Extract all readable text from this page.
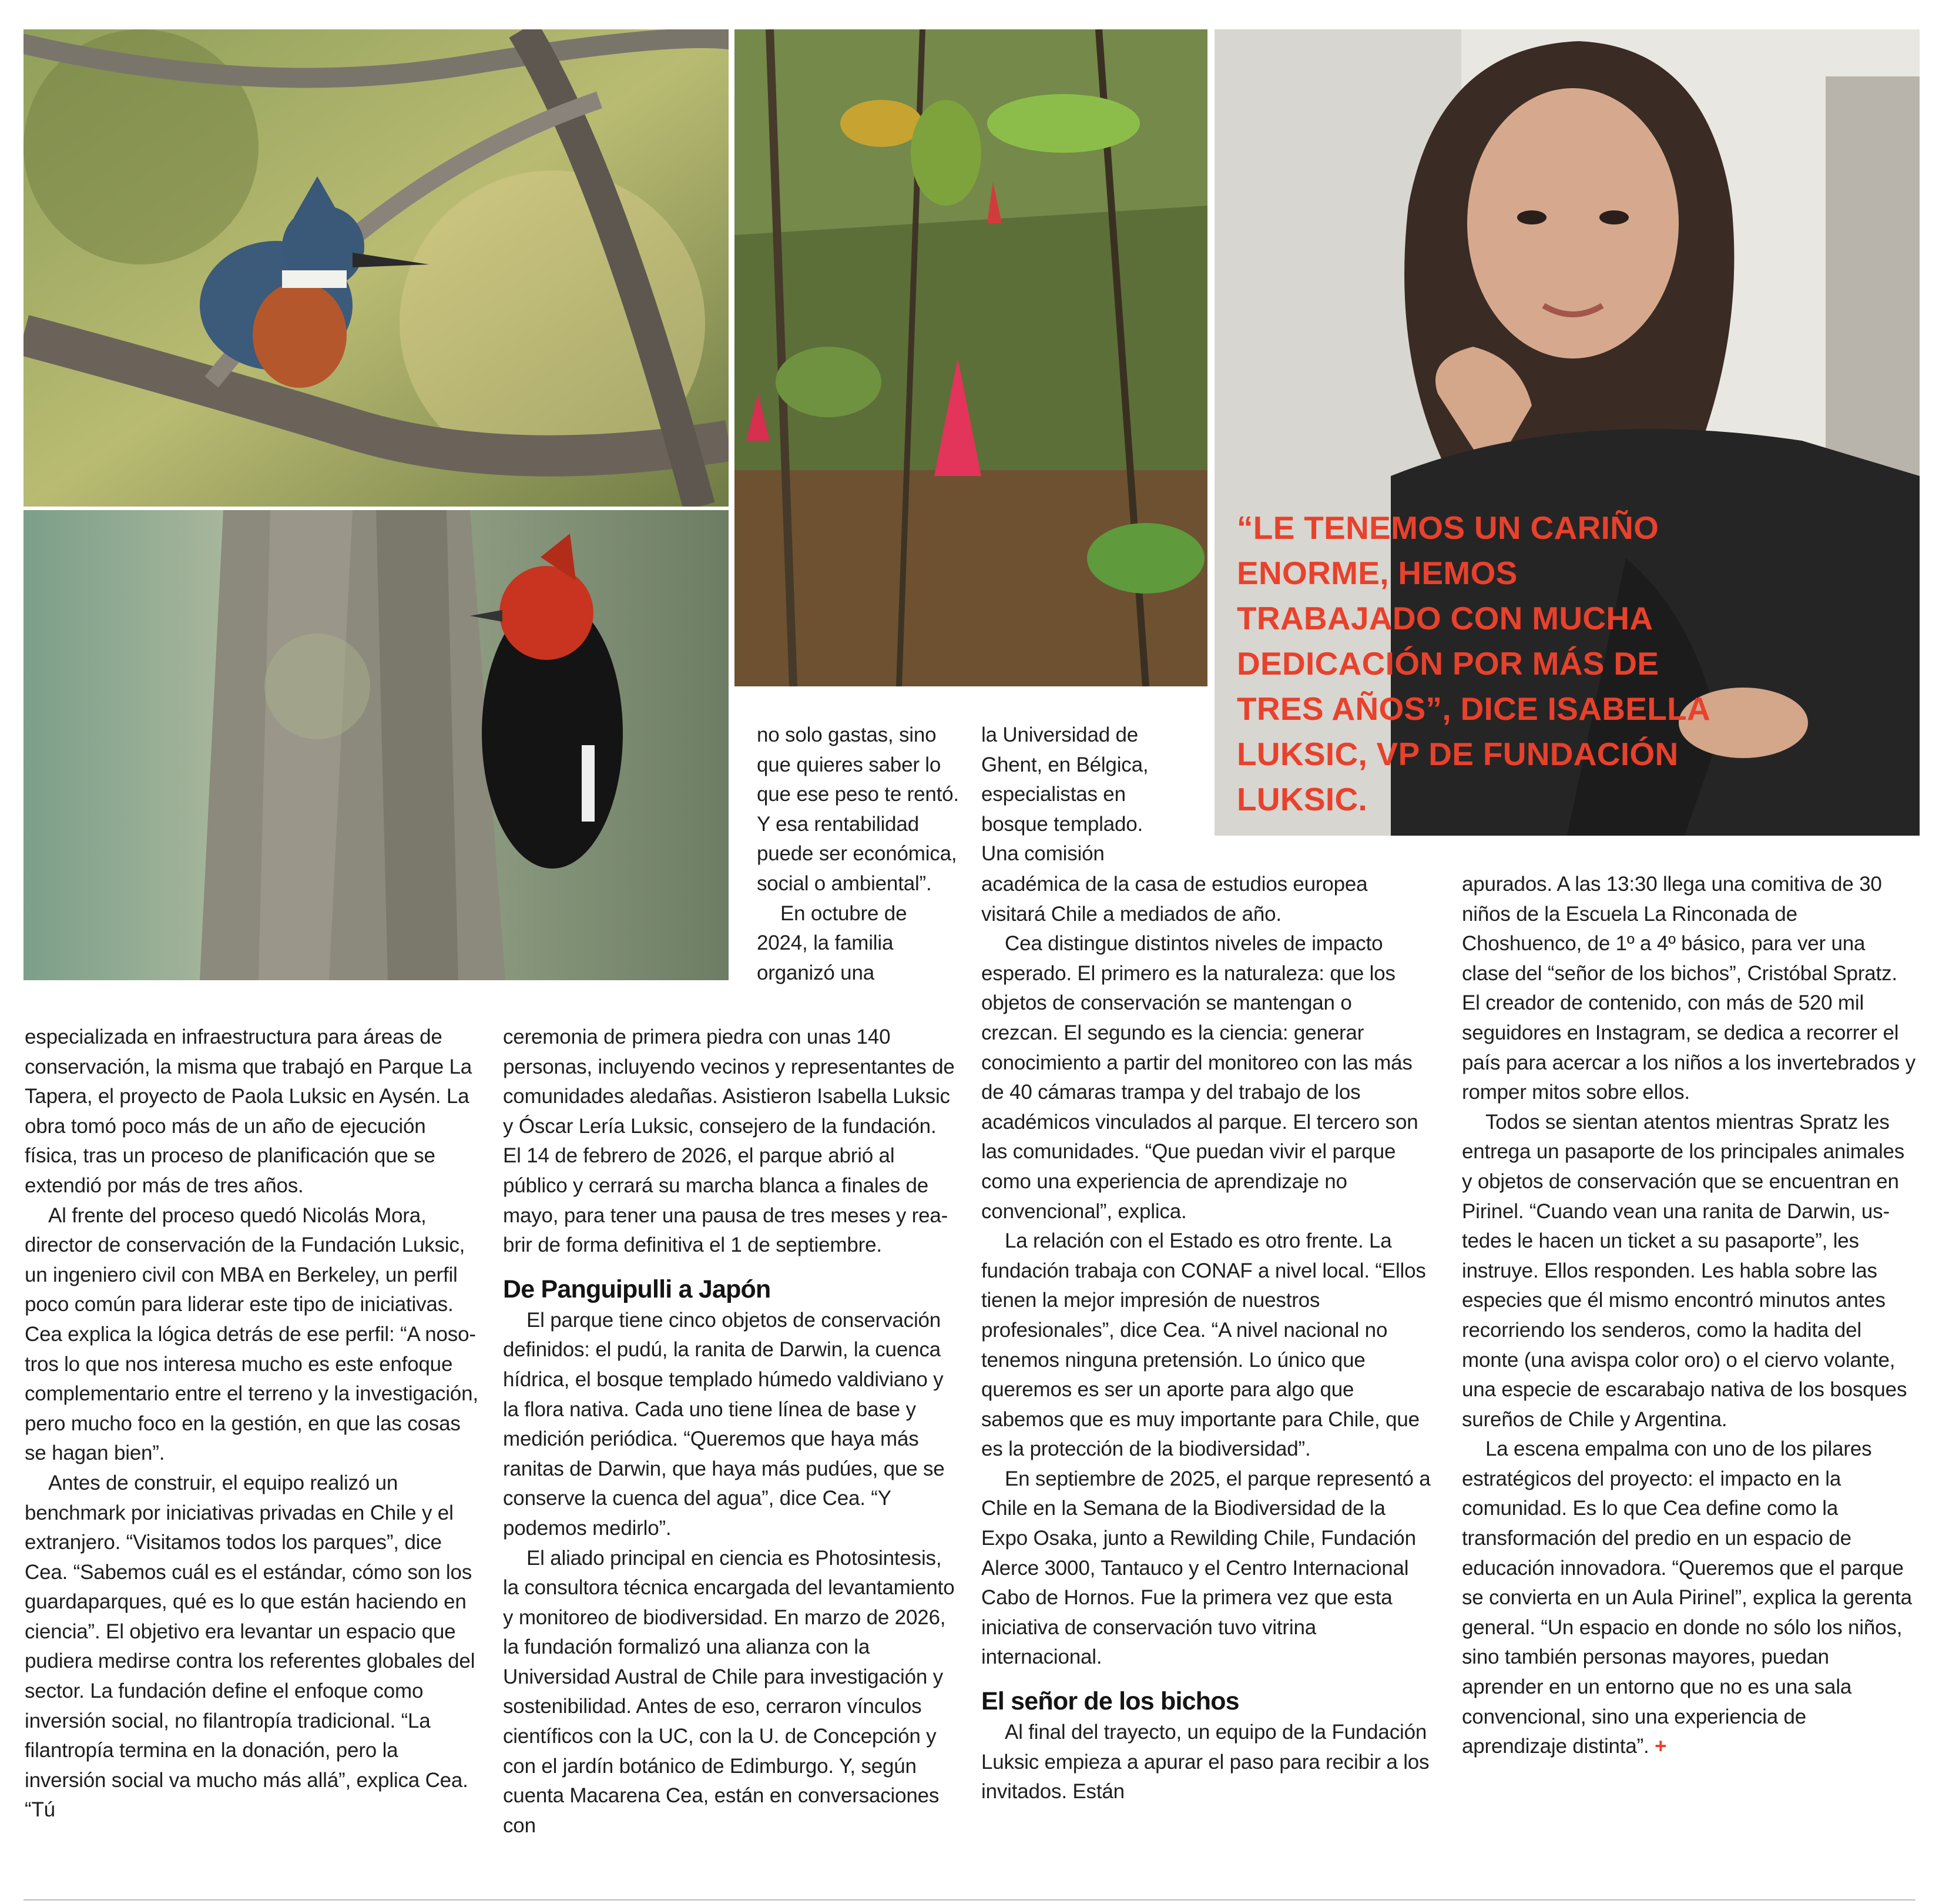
“LE TENEMOS UN CARIÑO ENORME, HEMOS TRABAJADO CON MUCHA DEDICACIÓN POR MÁS DE TRES AÑOS”, DICE ISABELLA LUKSIC, VP DE FUNDACIÓN LUKSIC.

especializada en infraestructura para áreas de conservación, la misma que trabajó en Parque La Tapera, el proyecto de Paola Luksic en Aysén. La obra tomó poco más de un año de ejecución física, tras un proceso de planificación que se extendió por más de tres años.

Al frente del proceso quedó Nicolás Mora, director de conservación de la Fundación Luksic, un ingeniero civil con MBA en Berkeley, un perfil poco común para liderar este tipo de iniciativas. Cea explica la lógica detrás de ese perfil: “A nosotros lo que nos interesa mucho es este enfoque complementario entre el terreno y la investigación, pero mucho foco en la gestión, en que las cosas se hagan bien”.

Antes de construir, el equipo realizó un benchmark por iniciativas privadas en Chile y el extranjero. “Visitamos todos los parques”, dice Cea. “Sabemos cuál es el estándar, cómo son los guardaparques, qué es lo que están haciendo en ciencia”. El objetivo era levantar un espacio que pudiera medirse contra los referentes globales del sector. La fundación define el enfoque como inversión social, no filantropía tradicional. “La filantropía termina en la donación, pero la inversión social va mucho más allá”, explica Cea. “Tú

no solo gastas, sino que quieres saber lo que ese peso te rentó. Y esa rentabilidad puede ser económica, social o ambiental”.

En octubre de 2024, la familia organizó una

ceremonia de primera piedra con unas 140 personas, incluyendo vecinos y representantes de comunidades aledañas. Asistieron Isabella Luksic y Óscar Lería Luksic, consejero de la fundación. El 14 de febrero de 2026, el parque abrió al público y cerrará su marcha blanca a finales de mayo, para tener una pausa de tres meses y reabrir de forma definitiva el 1 de septiembre.

De Panguipulli a Japón

El parque tiene cinco objetos de conservación definidos: el pudú, la ranita de Darwin, la cuenca hídrica, el bosque templado húmedo valdiviano y la flora nativa. Cada uno tiene línea de base y medición periódica. “Queremos que haya más ranitas de Darwin, que haya más pudúes, que se conserve la cuenca del agua”, dice Cea. “Y podemos medirlo”.

El aliado principal en ciencia es Photosintesis, la consultora técnica encargada del levantamiento y monitoreo de biodiversidad. En marzo de 2026, la fundación formalizó una alianza con la Universidad Austral de Chile para investigación y sostenibilidad. Antes de eso, cerraron vínculos científicos con la UC, con la U. de Concepción y con el jardín botánico de Edimburgo. Y, según cuenta Macarena Cea, están en conversaciones con

la Universidad de Ghent, en Bélgica, especialistas en bosque templado. Una comisión

académica de la casa de estudios europea visitará Chile a mediados de año.

Cea distingue distintos niveles de impacto esperado. El primero es la naturaleza: que los objetos de conservación se mantengan o crezcan. El segundo es la ciencia: generar conocimiento a partir del monitoreo con las más de 40 cámaras trampa y del trabajo de los académicos vinculados al parque. El tercero son las comunidades. “Que puedan vivir el parque como una experiencia de aprendizaje no convencional”, explica.

La relación con el Estado es otro frente. La fundación trabaja con CONAF a nivel local. “Ellos tienen la mejor impresión de nuestros profesionales”, dice Cea. “A nivel nacional no tenemos ninguna pretensión. Lo único que queremos es ser un aporte para algo que sabemos que es muy importante para Chile, que es la protección de la biodiversidad”.

En septiembre de 2025, el parque representó a Chile en la Semana de la Biodiversidad de la Expo Osaka, junto a Rewilding Chile, Fundación Alerce 3000, Tantauco y el Centro Internacional Cabo de Hornos. Fue la primera vez que esta iniciativa de conservación tuvo vitrina internacional.

El señor de los bichos

Al final del trayecto, un equipo de la Fundación Luksic empieza a apurar el paso para recibir a los invitados. Están

apurados. A las 13:30 llega una comitiva de 30 niños de la Escuela La Rinconada de Choshuenco, de 1º a 4º básico, para ver una clase del “señor de los bichos”, Cristóbal Spratz. El creador de contenido, con más de 520 mil seguidores en Instagram, se dedica a recorrer el país para acercar a los niños a los invertebrados y romper mitos sobre ellos.

Todos se sientan atentos mientras Spratz les entrega un pasaporte de los principales animales y objetos de conservación que se encuentran en Pirinel. “Cuando vean una ranita de Darwin, ustedes le hacen un ticket a su pasaporte”, les instruye. Ellos responden. Les habla sobre las especies que él mismo encontró minutos antes recorriendo los senderos, como la hadita del monte (una avispa color oro) o el ciervo volante, una especie de escarabajo nativa de los bosques sureños de Chile y Argentina.

La escena empalma con uno de los pilares estratégicos del proyecto: el impacto en la comunidad. Es lo que Cea define como la transformación del predio en un espacio de educación innovadora. “Queremos que el parque se convierta en un Aula Pirinel”, explica la gerenta general. “Un espacio en donde no sólo los niños, sino también personas mayores, puedan aprender en un entorno que no es una sala convencional, sino una experiencia de aprendizaje distinta”. +
